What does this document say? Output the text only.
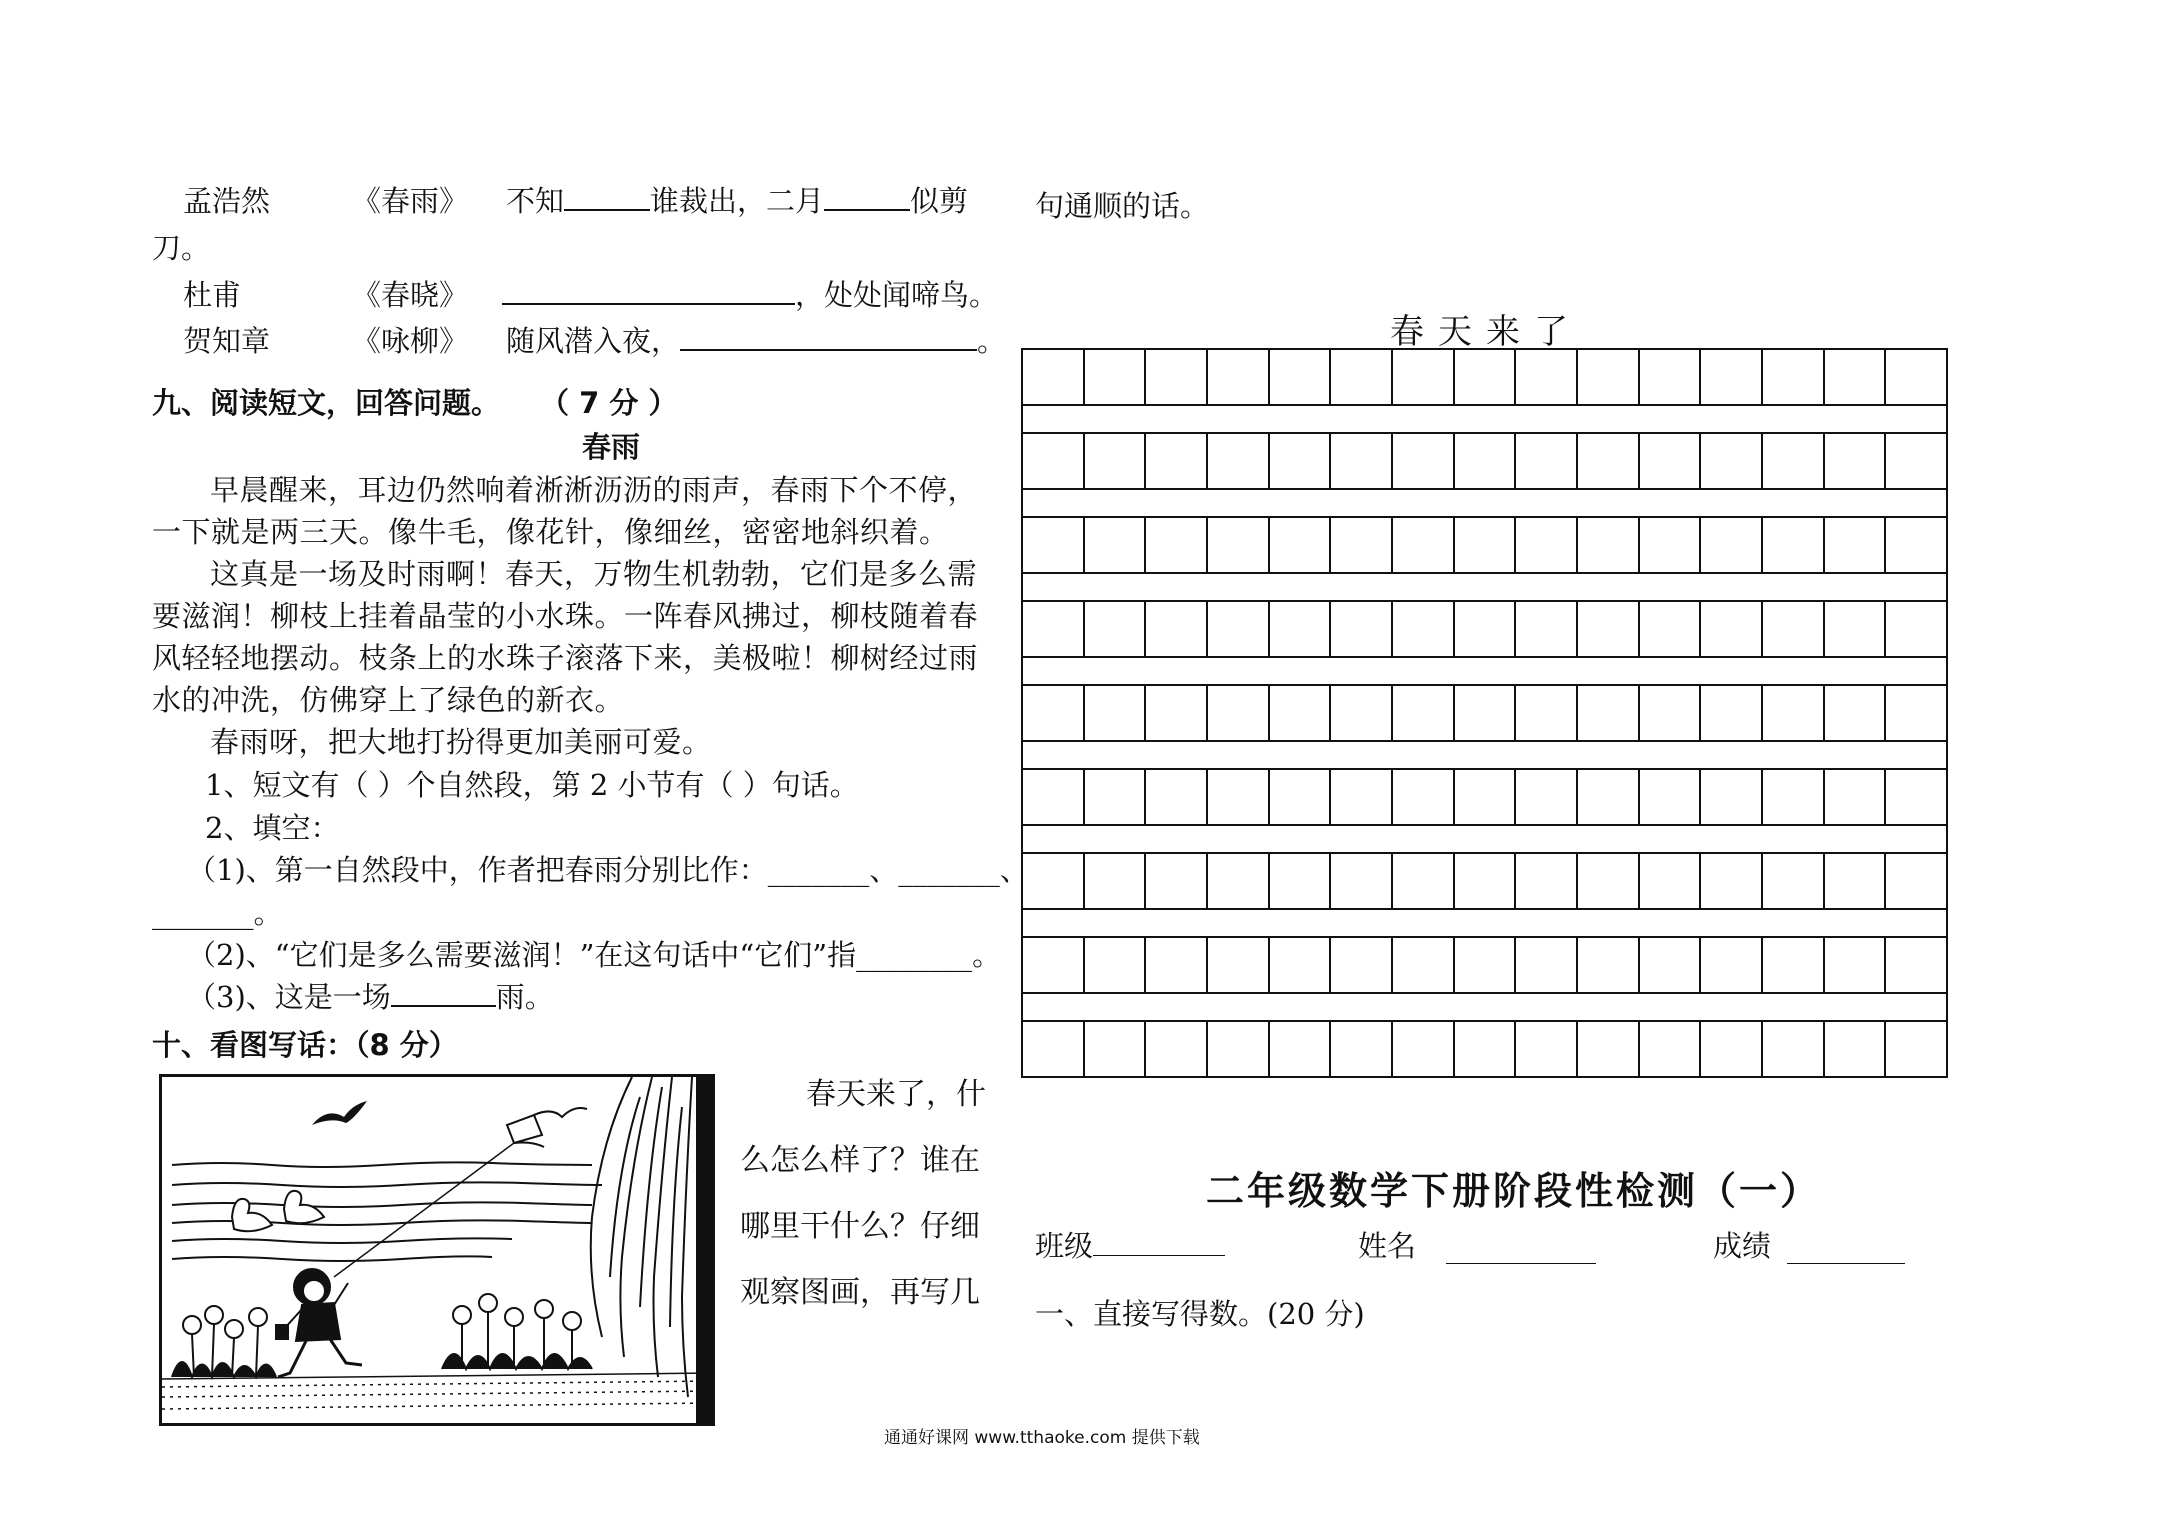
孟浩然	《春雨》 不知	谁裁出，二月	似剪
刀。
杜甫	《春晓》	，处处闻啼鸟。
贺知章	《咏柳》 随风潜入夜，	。
九、阅读短文，回答问题。 （ 7 分 ）
春雨
早晨醒来，耳边仍然响着淅淅沥沥的雨声，春雨下个不停，一下就是两三天。像牛毛，像花针，像细丝，密密地斜织着。
这真是一场及时雨啊！春天，万物生机勃勃，它们是多么需要滋润！柳枝上挂着晶莹的小水珠。一阵春风拂过，柳枝随着春风轻轻地摆动。枝条上的水珠子滚落下来，美极啦！柳树经过雨水的冲洗，仿佛穿上了绿色的新衣。
春雨呀，把大地打扮得更加美丽可爱。
1、短文有（ ）个自然段，第 2 小节有（ ）句话。
2、填空：
（1)、第一自然段中，作者把春雨分别比作：_______、_______、
_______。
（2)、“它们是多么需要滋润！”在这句话中“它们”指________。
（3)、这是一场	雨。
十、看图写话：（8 分）
春天来了，什
么怎么样了？谁在
哪里干什么？仔细
观察图画，再写几
句通顺的话。
春天来了
二年级数学下册阶段性检测（一）
班级	姓名	成绩
一、直接写得数。(20 分)
通通好课网 www.tthaoke.com 提供下载
